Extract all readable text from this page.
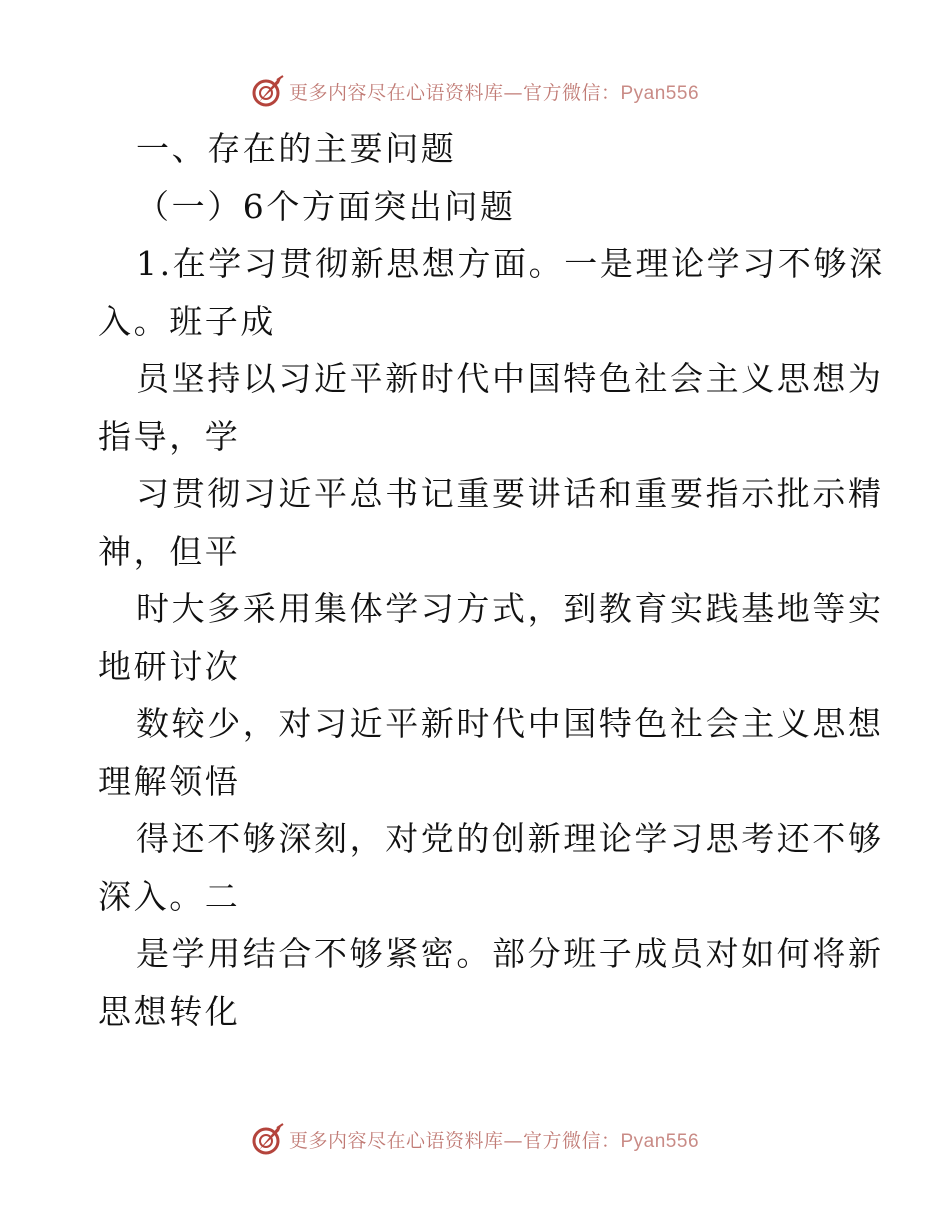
更多内容尽在心语资料库—官方微信：Pyan556
一、存在的主要问题
（一）6个方面突出问题
1.在学习贯彻新思想方面。一是理论学习不够深
入。班子成
员坚持以习近平新时代中国特色社会主义思想为
指导，学
习贯彻习近平总书记重要讲话和重要指示批示精
神，但平
时大多采用集体学习方式，到教育实践基地等实
地研讨次
数较少，对习近平新时代中国特色社会主义思想
理解领悟
得还不够深刻，对党的创新理论学习思考还不够
深入。二
是学用结合不够紧密。部分班子成员对如何将新
思想转化
更多内容尽在心语资料库—官方微信：Pyan556
